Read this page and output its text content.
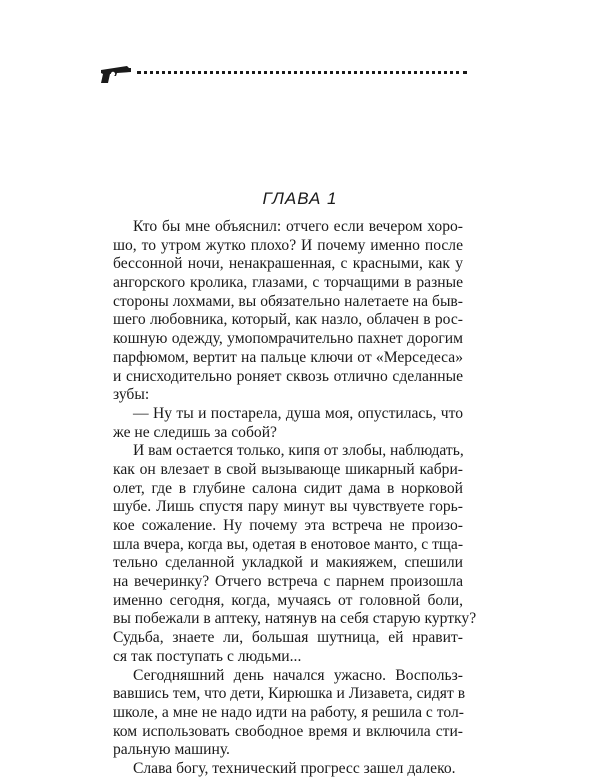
ГЛАВА 1
Кто бы мне объяснил: отчего если вечером хоро-
шо, то утром жутко плохо? И почему именно после
бессонной ночи, ненакрашенная, с красными, как у
ангорского кролика, глазами, с торчащими в разные
стороны лохмами, вы обязательно налетаете на быв-
шего любовника, который, как назло, облачен в рос-
кошную одежду, умопомрачительно пахнет дорогим
парфюмом, вертит на пальце ключи от «Мерседеса»
и снисходительно роняет сквозь отлично сделанные
зубы:
— Ну ты и постарела, душа моя, опустилась, что
же не следишь за собой?
И вам остается только, кипя от злобы, наблюдать,
как он влезает в свой вызывающе шикарный кабри-
олет, где в глубине салона сидит дама в норковой
шубе. Лишь спустя пару минут вы чувствуете горь-
кое сожаление. Ну почему эта встреча не произо-
шла вчера, когда вы, одетая в енотовое манто, с тща-
тельно сделанной укладкой и макияжем, спешили
на вечеринку? Отчего встреча с парнем произошла
именно сегодня, когда, мучаясь от головной боли,
вы побежали в аптеку, натянув на себя старую куртку?
Судьба, знаете ли, большая шутница, ей нравит-
ся так поступать с людьми...
Сегодняшний день начался ужасно. Воспольз-
вавшись тем, что дети, Кирюшка и Лизавета, сидят в
школе, а мне не надо идти на работу, я решила с тол-
ком использовать свободное время и включила сти-
ральную машину.
Слава богу, технический прогресс зашел далеко.
